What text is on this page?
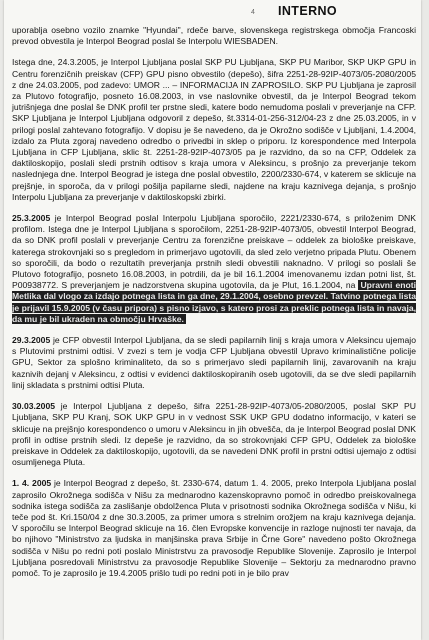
4 INTERNO

uporablja osebno vozilo znamke "Hyundai", rdeče barve, slovenskega registrskega območja Francoski prevod obvestila je Interpol Beograd poslal še Interpolu WIESBADEN.

Istega dne, 24.3.2005, je Interpol Ljubljana poslal SKP PU Ljubljana, SKP PU Maribor, SKP UKP GPU in Centru forenzičnih preiskav (CFP) GPU pisno obvestilo (depešo), šifra 2251-28-92IP-4073/05-2080/2005 z dne 24.03.2005, pod zadevo: UMOR ... – INFORMACIJA IN ZAPROSILO. SKP PU Ljubljana je zaprosil za Plutovo fotografijo, posneto 16.08.2003, in vse naslovnike obvestil, da je Interpol Beograd tekom jutrišnjega dne poslal še DNK profil ter prstne sledi, katere bodo nemudoma poslali v preverjanje na CFP. SKP Ljubljana je Interpol Ljubljana odgovoril z depešo, št.3314-01-256-312/04-23 z dne 25.03.2005, in v prilogi poslal zahtevano fotografijo. V dopisu je še navedeno, da je Okrožno sodišče v Ljubljani, 1.4.2004, izdalo za Pluta zgoraj navedeno odredbo o privedbi in sklep o priporu. Iz korespondence med Interpola Ljubljana in CFP Ljubljana, sklic št. 2251-28-92IP-4073/05 pa je razvidno, da so na CFP, Oddelek za daktiloskopijo, poslali sledi prstnih odtisov s kraja umora v Aleksincu, s prošnjo za preverjanje tekom naslednjega dne. Interpol Beograd je istega dne poslal obvestilo, 2200/2330-674, v katerem se sklicuje na prejšnje, in sporoča, da v prilogi pošilja papilarne sledi, najdene na kraju kaznivega dejanja, s prošnjo Interpolu Ljubljana za preverjanje v daktiloskopski zbirki.

25.3.2005 je Interpol Beograd poslal Interpolu Ljubljana sporočilo, 2221/2330-674, s priloženim DNK profilom. Istega dne je Interpol Ljubljana s sporočilom, 2251-28-92IP-4073/05, obvestil Interpol Beograd, da so DNK profil poslali v preverjanje Centru za forenzične preiskave – oddelek za biološke preiskave, katerega strokovnjaki so s pregledom in primerjavo ugotovili, da sled zelo verjetno pripada Plutu. Obenem so sporočili, da bodo o rezultatih preverjanja prstnih sledi obvestili naknadno. V prilogi so poslali še Plutovo fotografijo, posneto 16.08.2003, in potrdili, da je bil 16.1.2004 imenovanemu izdan potni list, št. P00938772. S preverjanjem je nadzorstvena skupina ugotovila, da je Plut, 16.1.2004, na Upravni enoti Metlika dal vlogo za izdajo potnega lista in ga dne, 29.1.2004, osebno prevzel. Tatvino potnega lista je prijavil 15.9.2005 (v času pripora) s pisno izjavo, s katero prosi za preklic potnega lista in navaja, da mu je bil ukraden na območju Hrvaške.

29.3.2005 je CFP obvestil Interpol Ljubljana, da se sledi papilarnih linij s kraja umora v Aleksincu ujemajo s Plutovimi prstnimi odtisi. V zvezi s tem je vodja CFP Ljubljana obvestil Upravo kriminalistične policije GPU, Sektor za splošno kriminaliteto, da so s primerjavo sledi papilarnih linij, zavarovanih na kraju kaznivih dejanj v Aleksincu, z odtisi v evidenci daktiloskopiranih oseb ugotovili, da se dve sledi papilarnih linij skladata s prstnimi odtisi Pluta.

30.03.2005 je Interpol Ljubljana z depešo, šifra 2251-28-92IP-4073/05-2080/2005, poslal SKP PU Ljubljana, SKP PU Kranj, SOK UKP GPU in v vednost SSK UKP GPU dodatno informacijo, v kateri se sklicuje na prejšnjo korespondenco o umoru v Aleksincu in jih obvešča, da je Interpol Beograd poslal DNK profil in odtise prstnih sledi. Iz depeše je razvidno, da so strokovnjaki CFP GPU, Oddelek za biološke preiskave in Oddelek za daktiloskopijo, ugotovili, da se navedeni DNK profil in prstni odtisi ujemajo z odtisi osumljenega Pluta.

1. 4. 2005 je Interpol Beograd z depešo, št. 2330-674, datum 1. 4. 2005, preko Interpola Ljubljana poslal zaprosilo Okrožnega sodišča v Nišu za mednarodno kazenskopravno pomoč in odredbo preiskovalnega sodnika istega sodišča za zaslišanje obdolženca Pluta v prisotnosti sodnika Okrožnega sodišča v Nišu, ki teče pod št. Kri.150/04 z dne 30.3.2005, za primer umora s strelnim orožjem na kraju kaznivega dejanja. V sporočilu se Interpol Beograd sklicuje na 16. člen Evropske konvencije in razloge nujnosti ter navaja, da bo njihovo "Ministrstvo za ljudska in manjšinska prava Srbije in Črne Gore" navedeno pošto Okrožnega sodišča v Nišu po redni poti poslalo Ministrstvu za pravosodje Republike Slovenije. Zaprosilo je Interpol Ljubljana posredovali Ministrstvu za pravosodje Republike Slovenije – Sektorju za mednarodno pravno pomoč. To je zaprosilo je 19.4.2005 prišlo tudi po redni poti in je bilo prav
